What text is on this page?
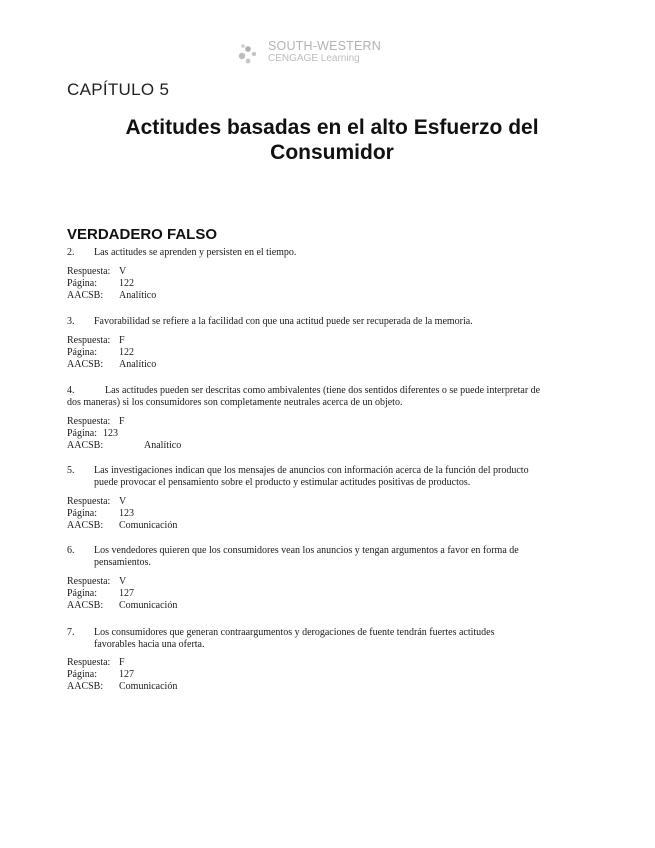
SOUTH-WESTERN
CENGAGE Learning
CAPÍTULO 5
Actitudes basadas en el alto Esfuerzo del Consumidor
VERDADERO FALSO
2. Las actitudes se aprenden y persisten en el tiempo.
Respuesta: V
Página: 122
AACSB: Analítico
3. Favorabilidad se refiere a la facilidad con que una actitud puede ser recuperada de la memoria.
Respuesta: F
Página: 122
AACSB: Analítico
4.	Las actitudes pueden ser descritas como ambivalentes (tiene dos sentidos diferentes o se puede interpretar de dos maneras) si los consumidores son completamente neutrales acerca de un objeto.
Respuesta: F
Página: 123
AACSB:	Analítico
5. Las investigaciones indican que los mensajes de anuncios con información acerca de la función del producto puede provocar el pensamiento sobre el producto y estimular actitudes positivas de productos.
Respuesta: V
Página: 123
AACSB: Comunicación
6. Los vendedores quieren que los consumidores vean los anuncios y tengan argumentos a favor en forma de pensamientos.
Respuesta: V
Página: 127
AACSB: Comunicación
7. Los consumidores que generan contraargumentos y derogaciones de fuente tendrán fuertes actitudes favorables hacia una oferta.
Respuesta: F
Página: 127
AACSB: Comunicación
